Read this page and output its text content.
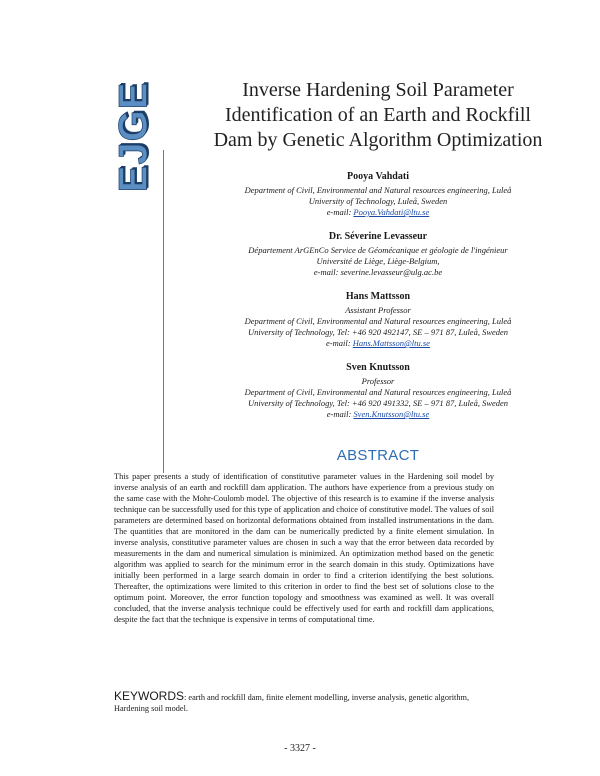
EJGE	Inverse Hardening Soil Parameter
Identification of an Earth and Rockfill
Dam by Genetic Algorithm Optimization
Pooya Vahdati
Department of Civil, Environmental and Natural resources engineering, Luleå
University of Technology, Luleå, Sweden
e-mail: Pooya.Vahdati@ltu.se
Dr. Séverine Levasseur
Département ArGEnCo Service de Géomécanique et géologie de l'ingénieur
Université de Liège, Liège-Belgium,
e-mail: severine.levasseur@ulg.ac.be
Hans Mattsson
Assistant Professor
Department of Civil, Environmental and Natural resources engineering, Luleå
University of Technology, Tel: +46 920 492147, SE – 971 87, Luleå, Sweden
e-mail: Hans.Mattsson@ltu.se
Sven Knutsson
Professor
Department of Civil, Environmental and Natural resources engineering, Luleå
University of Technology, Tel: +46 920 491332, SE – 971 87, Luleå, Sweden
e-mail: Sven.Knutsson@ltu.se
ABSTRACT
This paper presents a study of identification of constitutive parameter values in the Hardening soil model by inverse analysis of an earth and rockfill dam application. The authors have experience from a previous study on the same case with the Mohr-Coulomb model. The objective of this research is to examine if the inverse analysis technique can be successfully used for this type of application and choice of constitutive model. The values of soil parameters are determined based on horizontal deformations obtained from installed instrumentations in the dam. The quantities that are monitored in the dam can be numerically predicted by a finite element simulation. In inverse analysis, constitutive parameter values are chosen in such a way that the error between data recorded by measurements in the dam and numerical simulation is minimized. An optimization method based on the genetic algorithm was applied to search for the minimum error in the search domain in this study. Optimizations have initially been performed in a large search domain in order to find a criterion identifying the best solutions. Thereafter, the optimizations were limited to this criterion in order to find the best set of solutions close to the optimum point. Moreover, the error function topology and smoothness was examined as well. It was overall concluded, that the inverse analysis technique could be effectively used for earth and rockfill dam applications, despite the fact that the technique is expensive in terms of computational time.
KEYWORDS: earth and rockfill dam, finite element modelling, inverse analysis, genetic algorithm, Hardening soil model.
- 3327 -
